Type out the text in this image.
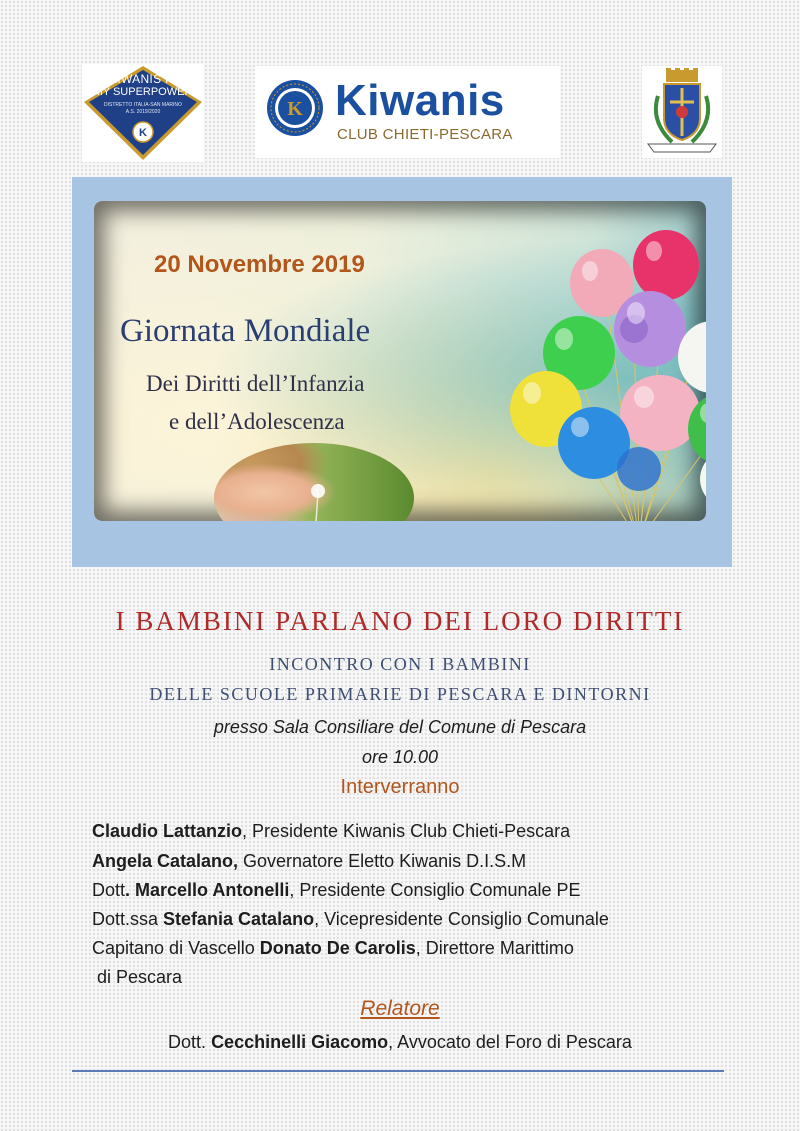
K
KIWANIS IS
MY SUPERPOWER
DISTRETTO ITALIA-SAN MARINO
A.S. 2019/2020	K Kiwanis
CLUB CHIETI-PESCARA
20 Novembre 2019
Giornata Mondiale
Dei Diritti dell’Infanzia
e dell’Adolescenza
I BAMBINI PARLANO DEI LORO DIRITTI
INCONTRO CON I BAMBINI
DELLE SCUOLE PRIMARIE DI PESCARA E DINTORNI
presso Sala Consiliare del Comune di Pescara
ore 10.00
Interverranno
Claudio Lattanzio, Presidente Kiwanis Club Chieti-Pescara
Angela Catalano, Governatore Eletto Kiwanis D.I.S.M
Dott. Marcello Antonelli, Presidente Consiglio Comunale PE
Dott.ssa Stefania Catalano, Vicepresidente Consiglio Comunale
Capitano di Vascello Donato De Carolis, Direttore Marittimo
di Pescara
Relatore
Dott. Cecchinelli Giacomo, Avvocato del Foro di Pescara
